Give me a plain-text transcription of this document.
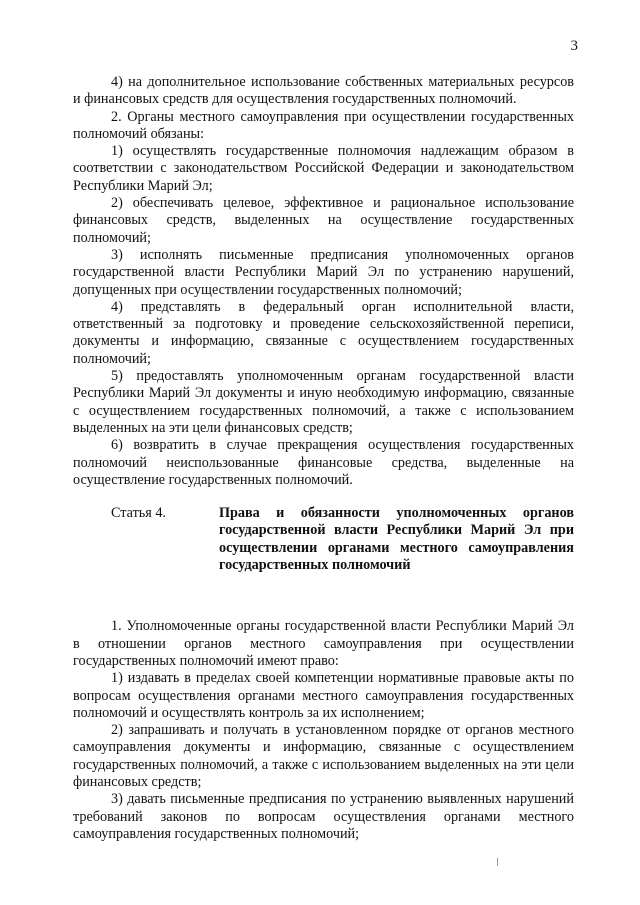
3

4) на дополнительное использование собственных материальных ресурсов и финансовых средств для осуществления государственных полномочий.

2. Органы местного самоуправления при осуществлении государственных полномочий обязаны:

1) осуществлять государственные полномочия надлежащим образом в соответствии с законодательством Российской Федерации и законодательством Республики Марий Эл;

2) обеспечивать целевое, эффективное и рациональное использование финансовых средств, выделенных на осуществление государственных полномочий;

3) исполнять письменные предписания уполномоченных органов государственной власти Республики Марий Эл по устранению нарушений, допущенных при осуществлении государственных полномочий;

4) представлять в федеральный орган исполнительной власти, ответственный за подготовку и проведение сельскохозяйственной переписи, документы и информацию, связанные с осуществлением государственных полномочий;

5) предоставлять уполномоченным органам государственной власти Республики Марий Эл документы и иную необходимую информацию, связанные с осуществлением государственных полномочий, а также с использованием выделенных на эти цели финансовых средств;

6) возвратить в случае прекращения осуществления государственных полномочий неиспользованные финансовые средства, выделенные на осуществление государственных полномочий.

Статья 4.	Права и обязанности уполномоченных органов государственной власти Республики Марий Эл при осуществлении органами местного самоуправления государственных полномочий

1. Уполномоченные органы государственной власти Республики Марий Эл в отношении органов местного самоуправления при осуществлении государственных полномочий имеют право:

1) издавать в пределах своей компетенции нормативные правовые акты по вопросам осуществления органами местного самоуправления государственных полномочий и осуществлять контроль за их исполнением;

2) запрашивать и получать в установленном порядке от органов местного самоуправления документы и информацию, связанные с осуществлением государственных полномочий, а также с использованием выделенных на эти цели финансовых средств;

3) давать письменные предписания по устранению выявленных нарушений требований законов по вопросам осуществления органами местного самоуправления государственных полномочий;
